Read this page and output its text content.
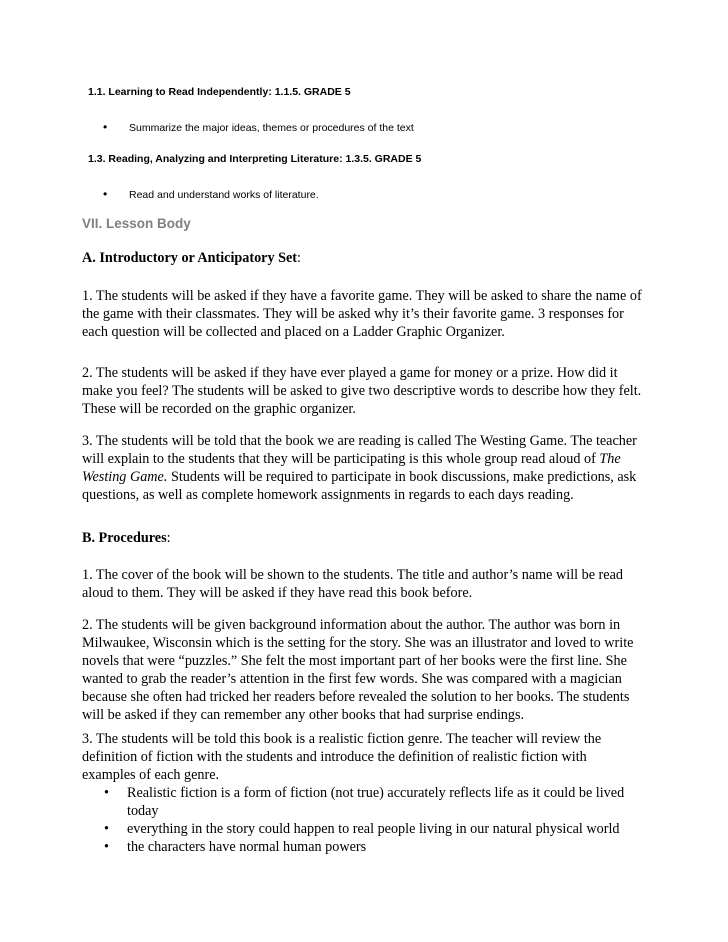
1.1. Learning to Read Independently: 1.1.5. GRADE 5
• Summarize the major ideas, themes or procedures of the text
1.3. Reading, Analyzing and Interpreting Literature: 1.3.5. GRADE 5
• Read and understand works of literature.
VII. Lesson Body
A. Introductory or Anticipatory Set:
1. The students will be asked if they have a favorite game. They will be asked to share the name of the game with their classmates. They will be asked why it’s their favorite game. 3 responses for each question will be collected and placed on a Ladder Graphic Organizer.
2. The students will be asked if they have ever played a game for money or a prize. How did it make you feel? The students will be asked to give two descriptive words to describe how they felt. These will be recorded on the graphic organizer.
3. The students will be told that the book we are reading is called The Westing Game. The teacher will explain to the students that they will be participating is this whole group read aloud of The Westing Game. Students will be required to participate in book discussions, make predictions, ask questions, as well as complete homework assignments in regards to each days reading.
B. Procedures:
1. The cover of the book will be shown to the students. The title and author’s name will be read aloud to them. They will be asked if they have read this book before.
2. The students will be given background information about the author. The author was born in Milwaukee, Wisconsin which is the setting for the story. She was an illustrator and loved to write novels that were “puzzles.” She felt the most important part of her books were the first line. She wanted to grab the reader’s attention in the first few words. She was compared with a magician because she often had tricked her readers before revealed the solution to her books. The students will be asked if they can remember any other books that had surprise endings.
3. The students will be told this book is a realistic fiction genre. The teacher will review the definition of fiction with the students and introduce the definition of realistic fiction with examples of each genre.
• Realistic fiction is a form of fiction (not true) accurately reflects life as it could be lived today
• everything in the story could happen to real people living in our natural physical world
• the characters have normal human powers
